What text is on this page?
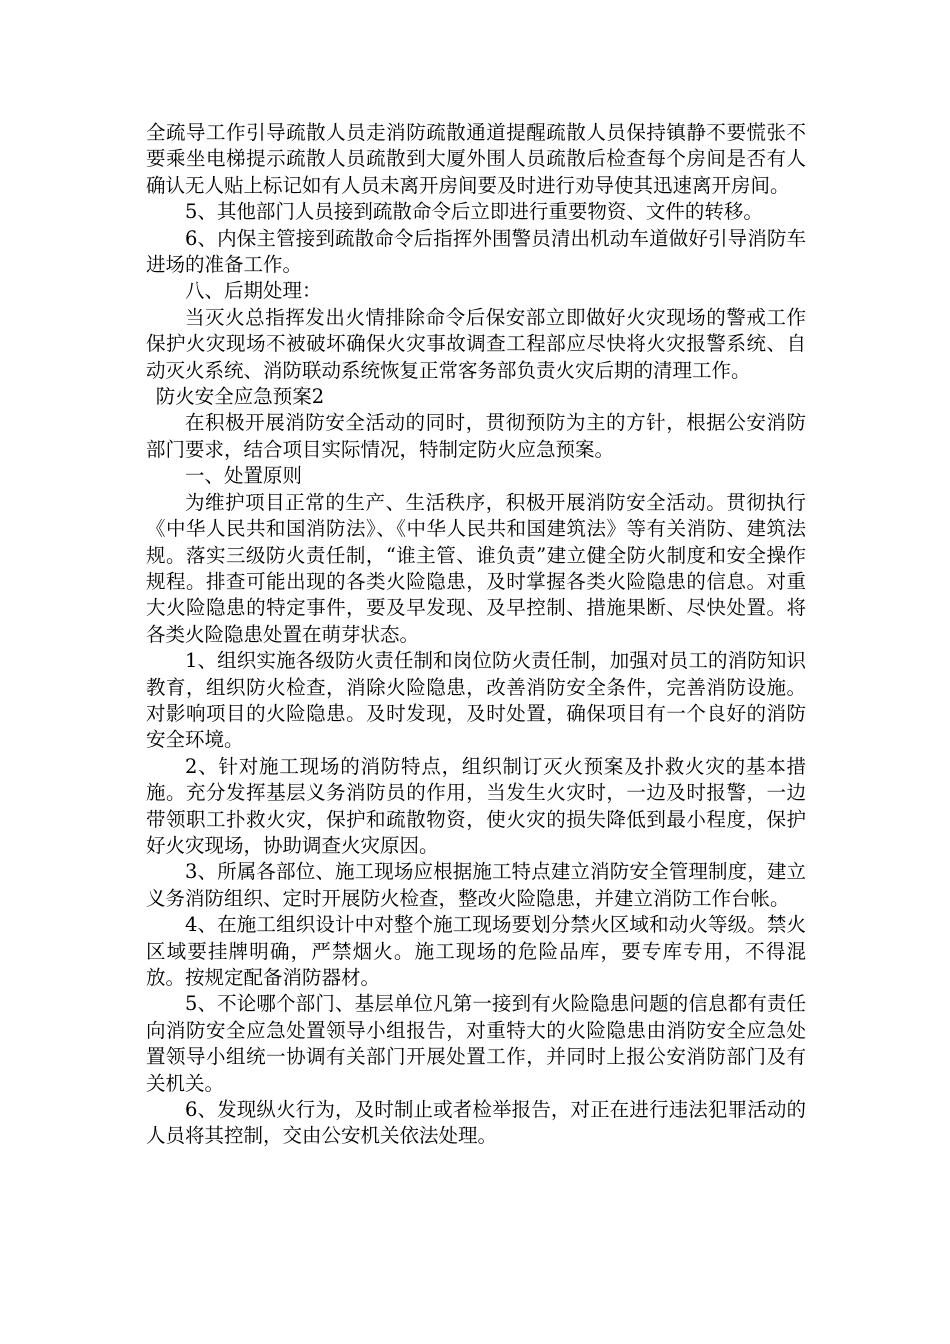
全疏导工作引导疏散人员走消防疏散通道提醒疏散人员保持镇静不要慌张不要乘坐电梯提示疏散人员疏散到大厦外围人员疏散后检查每个房间是否有人确认无人贴上标记如有人员未离开房间要及时进行劝导使其迅速离开房间。

5、其他部门人员接到疏散命令后立即进行重要物资、文件的转移。

6、内保主管接到疏散命令后指挥外围警员清出机动车道做好引导消防车进场的准备工作。

八、后期处理：

当灭火总指挥发出火情排除命令后保安部立即做好火灾现场的警戒工作保护火灾现场不被破坏确保火灾事故调查工程部应尽快将火灾报警系统、自动灭火系统、消防联动系统恢复正常客务部负责火灾后期的清理工作。

防火安全应急预案2

在积极开展消防安全活动的同时，贯彻预防为主的方针，根据公安消防部门要求，结合项目实际情况，特制定防火应急预案。

一、处置原则

为维护项目正常的生产、生活秩序，积极开展消防安全活动。贯彻执行《中华人民共和国消防法》、《中华人民共和国建筑法》等有关消防、建筑法规。落实三级防火责任制，“谁主管、谁负责”建立健全防火制度和安全操作规程。排查可能出现的各类火险隐患，及时掌握各类火险隐患的信息。对重大火险隐患的特定事件，要及早发现、及早控制、措施果断、尽快处置。将各类火险隐患处置在萌芽状态。

1、组织实施各级防火责任制和岗位防火责任制，加强对员工的消防知识教育，组织防火检查，消除火险隐患，改善消防安全条件，完善消防设施。对影响项目的火险隐患。及时发现，及时处置，确保项目有一个良好的消防安全环境。

2、针对施工现场的消防特点，组织制订灭火预案及扑救火灾的基本措施。充分发挥基层义务消防员的作用，当发生火灾时，一边及时报警，一边带领职工扑救火灾，保护和疏散物资，使火灾的损失降低到最小程度，保护好火灾现场，协助调查火灾原因。

3、所属各部位、施工现场应根据施工特点建立消防安全管理制度，建立义务消防组织、定时开展防火检查，整改火险隐患，并建立消防工作台帐。

4、在施工组织设计中对整个施工现场要划分禁火区域和动火等级。禁火区域要挂牌明确，严禁烟火。施工现场的危险品库，要专库专用，不得混放。按规定配备消防器材。

5、不论哪个部门、基层单位凡第一接到有火险隐患问题的信息都有责任向消防安全应急处置领导小组报告，对重特大的火险隐患由消防安全应急处置领导小组统一协调有关部门开展处置工作，并同时上报公安消防部门及有关机关。

6、发现纵火行为，及时制止或者检举报告，对正在进行违法犯罪活动的人员将其控制，交由公安机关依法处理。
